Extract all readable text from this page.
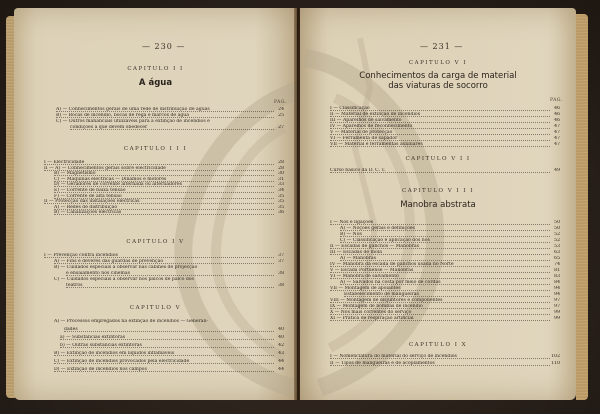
— 230 —
CAPITULO I I
A água
PAG.
A) — Conhecimentos gerais de uma rêde de distribuição de águas	24
B) — Bocas de incêndio, bocas de rega e marcos de água	25
C) — Outros mananciais utilizáveis para a extinção de incêndios e
condições a que devem obedecer	27
CAPITULO I I I
I — Electricidade	28
II — A) — Conhecimentos gerais sôbre electricidade	28
B) — Magnetismo	30
C) — Máquinas eléctricas — Dínamos e motores	31
D) — Geradores de corrente alternada ou alternadores	33
E) — Corrente de baixa tensão	34
F) — Corrente de alta tensão	35
II — Protecção das instalações eléctricas	35
A) — Rêdes de distribuição	35
B) — Canalizações eléctricas	36
CAPITULO I V
I — Prevenção contra incêndios	37
A) — Fins e deveres das guardas de prevenção	37
B) — Cuidados especiais a observar nas cabines de projecção
e ensaiamento nos cinemas	38
C) — Cuidados especiais a observar nos palcos de palco dos
teatros	38
CAPITULO V
A) — Processos empregados na extinção de incêndios — Generali-
dades	40
a) — Substâncias extintoras	40
b) — Outras substâncias extintoras	42
B) — Extinção de incêndios em líquidos inflamáveis	43
C) — Extinção de incêndios provocados pela electricidade	44
D) — Extinção de incêndios nos campos	44
— 231 —
CAPITULO V I
Conhecimentos da carga de material
das viaturas de socorro
PAG.
I — Classificação	46
II — Material de extinção de incêndios	46
III — Aparelhos de salvamento	46
IV — Aparelhos de reconhecimento	47
V — Material de protecção	47
VI — Ferramenta de sapador	47
VII — Material e ferramentas auxiliares	47
CAPITULO V I I
Curso básico da D. C. T.	49
CAPITULO V I I I
Manobra abstrata
I — Nós e ligações	50
A) — Noções gerais e definições	50
B) — Nós	52
C) — Classificação e aplicação dos nós	52
II — Escadas de ganchos — Manobras	53
III — Escadas de mola	63
A) — Manobras	65
IV — Manobra da escada de ganchos usada no Norte	74
V — Escada Portuense — Manobras	81
VI — Manobra de salvamento	83
A) — Salvados na costa por meio de cordas	84
VII — Montagem de apoiantes	94
Estabelecimento de mangueiras	94
VIII — Montagem de disjuntores e componentes	97
IX — Montagem de bombas de incêndio	97
X — Nós mais correntes do serviço	99
XI — Prática de respiração artificial	99
CAPITULO I X
I — Nomenclatura do material do serviço de incêndios	102
II — Tipos de mangueiras e de acoplamentos	110
